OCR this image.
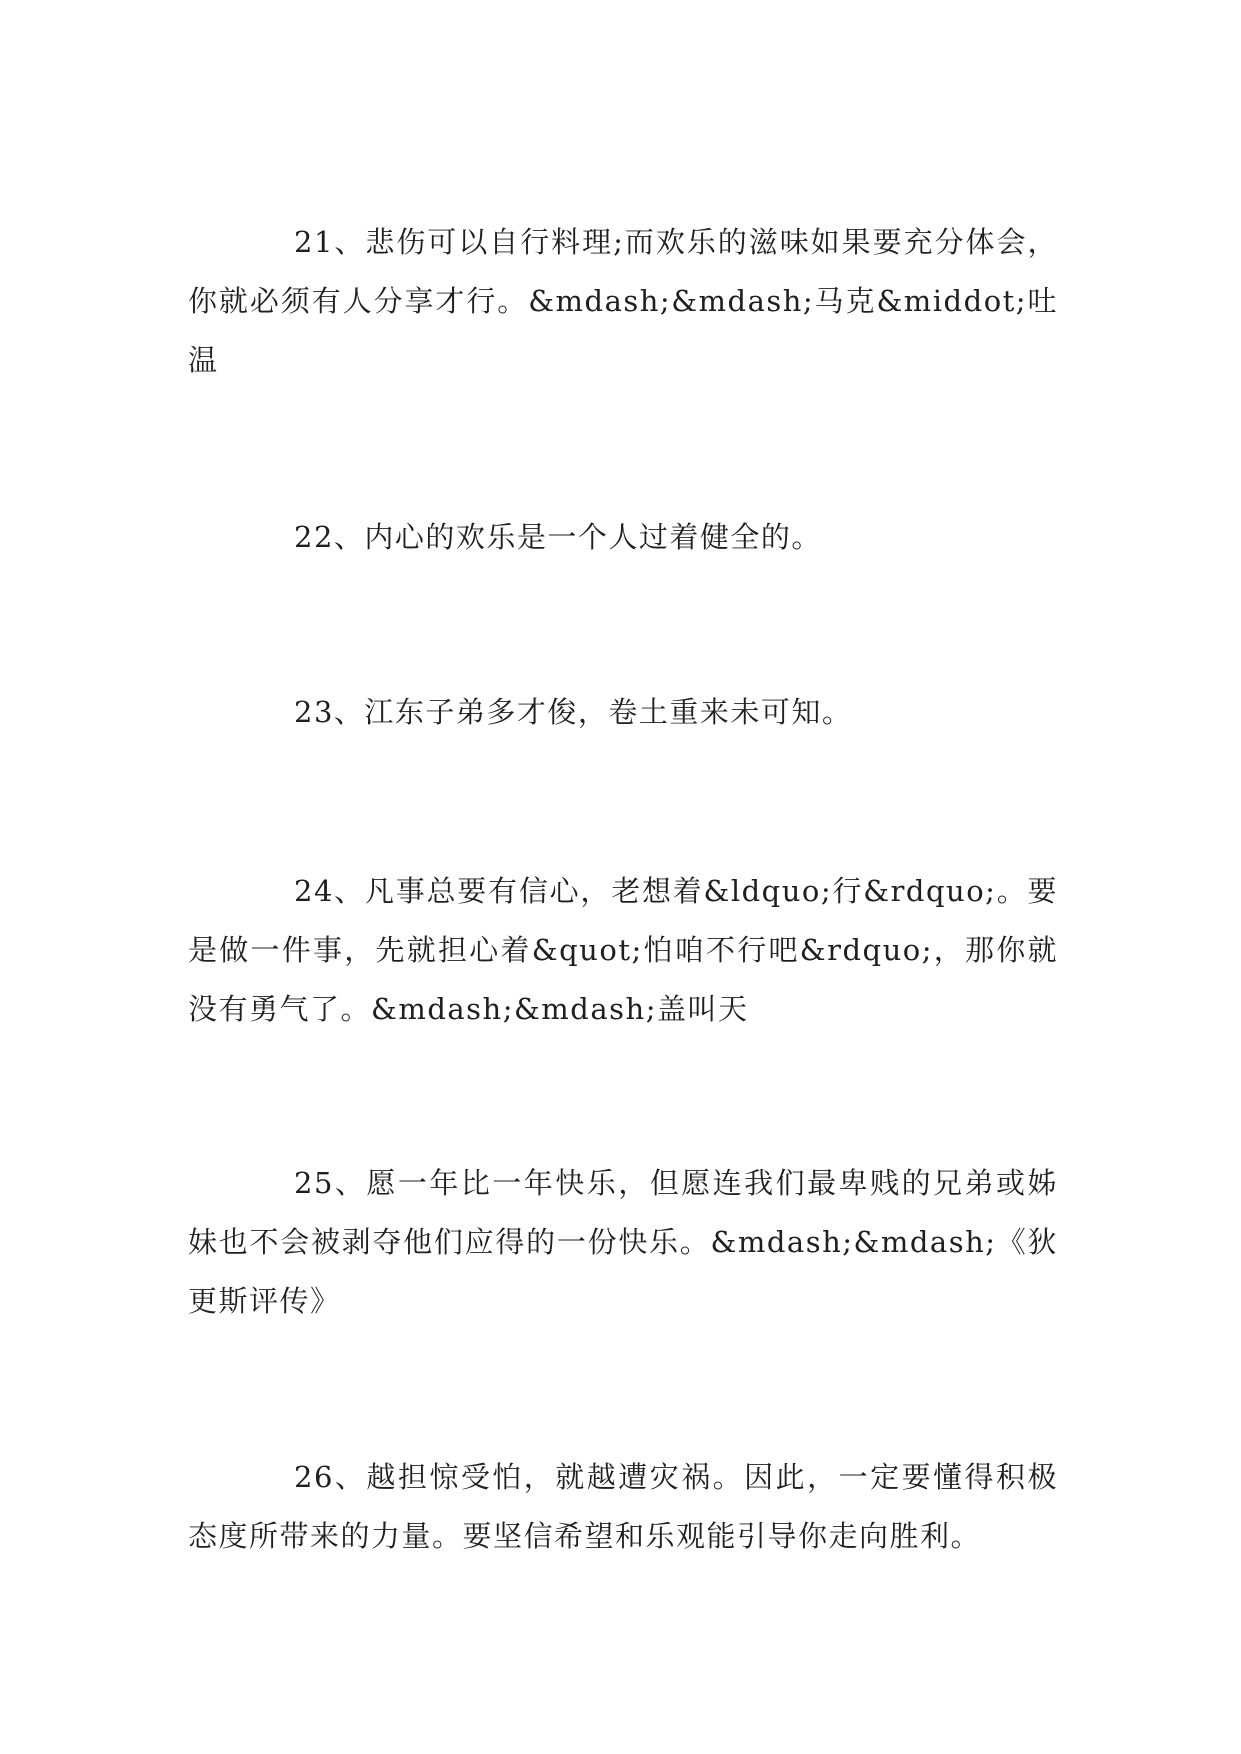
21、悲伤可以自行料理;而欢乐的滋味如果要充分体会，你就必须有人分享才行。&mdash;&mdash;马克&middot;吐温

22、内心的欢乐是一个人过着健全的。

23、江东子弟多才俊，卷土重来未可知。

24、凡事总要有信心，老想着&ldquo;行&rdquo;。要是做一件事，先就担心着&quot;怕咱不行吧&rdquo;，那你就没有勇气了。&mdash;&mdash;盖叫天

25、愿一年比一年快乐，但愿连我们最卑贱的兄弟或姊妹也不会被剥夺他们应得的一份快乐。&mdash;&mdash;《狄更斯评传》

26、越担惊受怕，就越遭灾祸。因此，一定要懂得积极态度所带来的力量。要坚信希望和乐观能引导你走向胜利。
